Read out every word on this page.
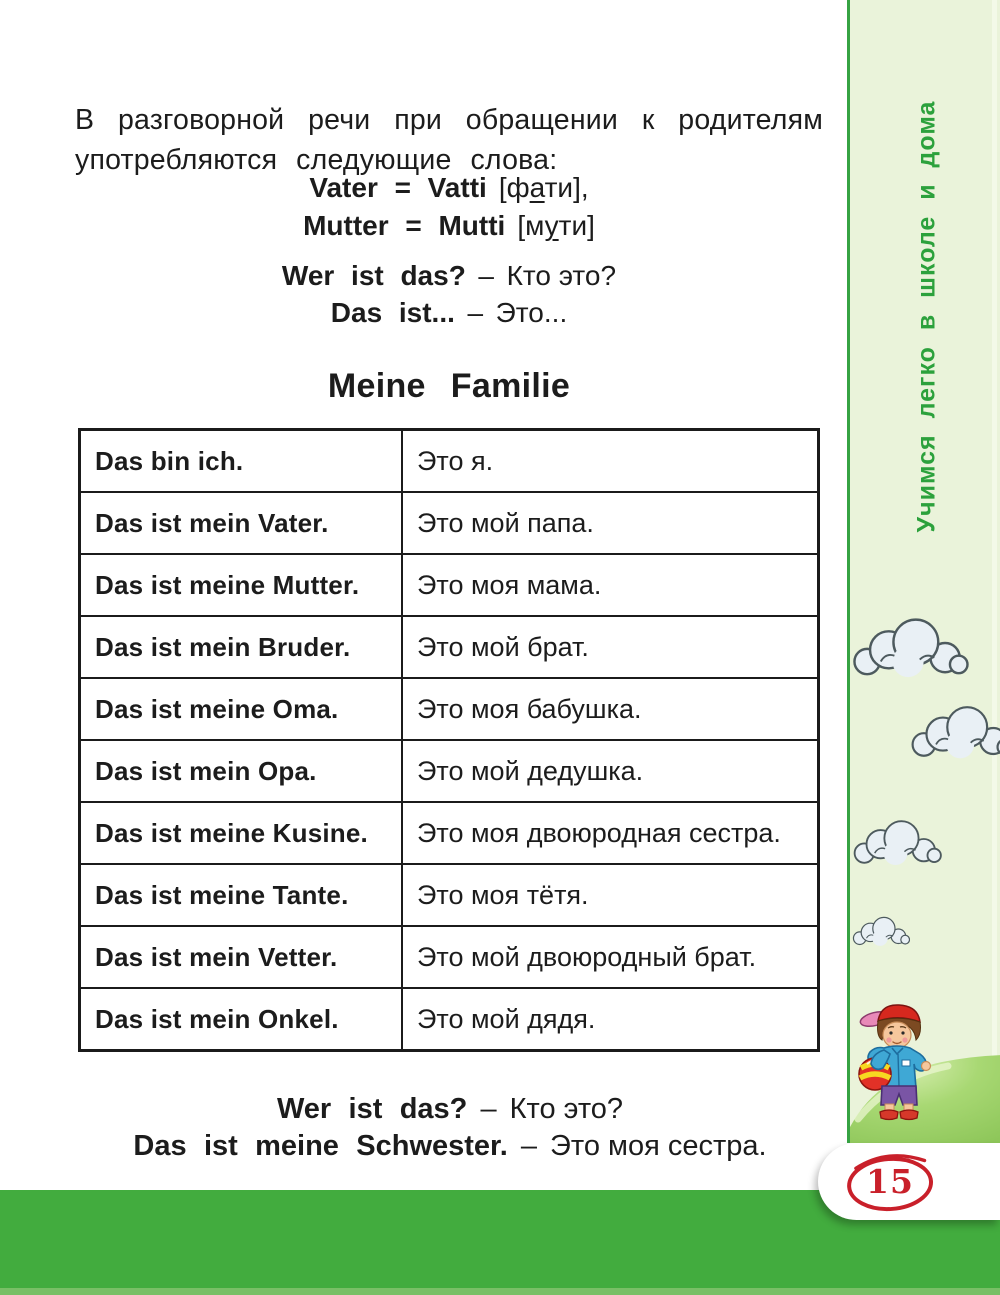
В разговорной речи при обращении к родителям
употребляются следующие слова:
Vater = Vatti [фати],
Mutter = Mutti [мути]
Wer ist das? – Кто это?
Das ist... – Это...
Meine Familie
Das bin ich.	Это я.
Das ist mein Vater.	Это мой папа.
Das ist meine Mutter.	Это моя мама.
Das ist mein Bruder.	Это мой брат.
Das ist meine Oma.	Это моя бабушка.
Das ist mein Opa.	Это мой дедушка.
Das ist meine Kusine.	Это моя двоюродная сестра.
Das ist meine Tante.	Это моя тётя.
Das ist mein Vetter.	Это мой двоюродный брат.
Das ist mein Onkel.	Это мой дядя.
Wer ist das? – Кто это?
Das ist meine Schwester. – Это моя сестра.
Учимся легко в школе и дома
15
